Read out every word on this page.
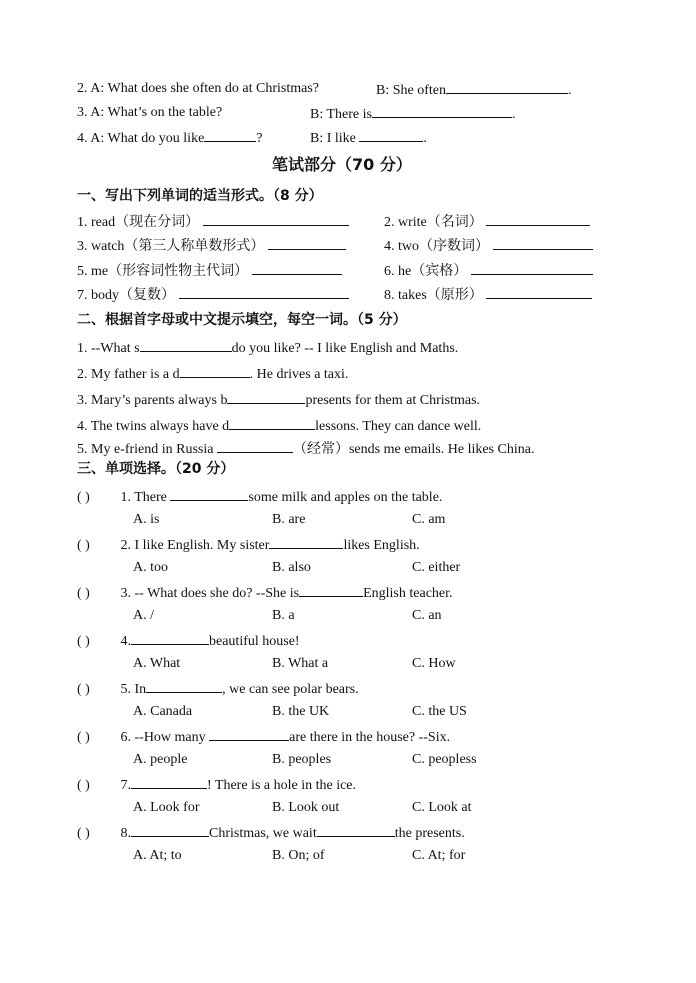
2. A: What does she often do at Christmas?	B: She often	.
3. A: What’s on the table?	B: There is	.
4. A: What do you like	?	B: I like	.
笔试部分（70 分）
一、写出下列单词的适当形式。（8 分）
1. read（现在分词）	2. write（名词）
3. watch（第三人称单数形式）	4. two（序数词）
5. me（形容词性物主代词）	6. he（宾格）
7. body（复数）	8. takes（原形）
二、根据首字母或中文提示填空，每空一词。（5 分）
1. --What s	do you like? -- I like English and Maths.
2. My father is a d	. He drives a taxi.
3. Mary’s parents always b	presents for them at Christmas.
4. The twins always have d	lessons. They can dance well.
5. My e-friend in Russia	（经常）sends me emails. He likes China.
三、单项选择。（20 分）
( ) 1. There	some milk and apples on the table.
A. is	B. are	C. am
( ) 2. I like English. My sister	likes English.
A. too	B. also	C. either
( ) 3. -- What does she do? --She is	English teacher.
A. /	B. a	C. an
( ) 4.	beautiful house!
A. What	B. What a	C. How
( ) 5. In	, we can see polar bears.
A. Canada	B. the UK	C. the US
( ) 6. --How many	are there in the house? --Six.
A. people	B. peoples	C. peopless
( ) 7.	! There is a hole in the ice.
A. Look for	B. Look out	C. Look at
( ) 8.	Christmas, we wait	the presents.
A. At; to	B. On; of	C. At; for
